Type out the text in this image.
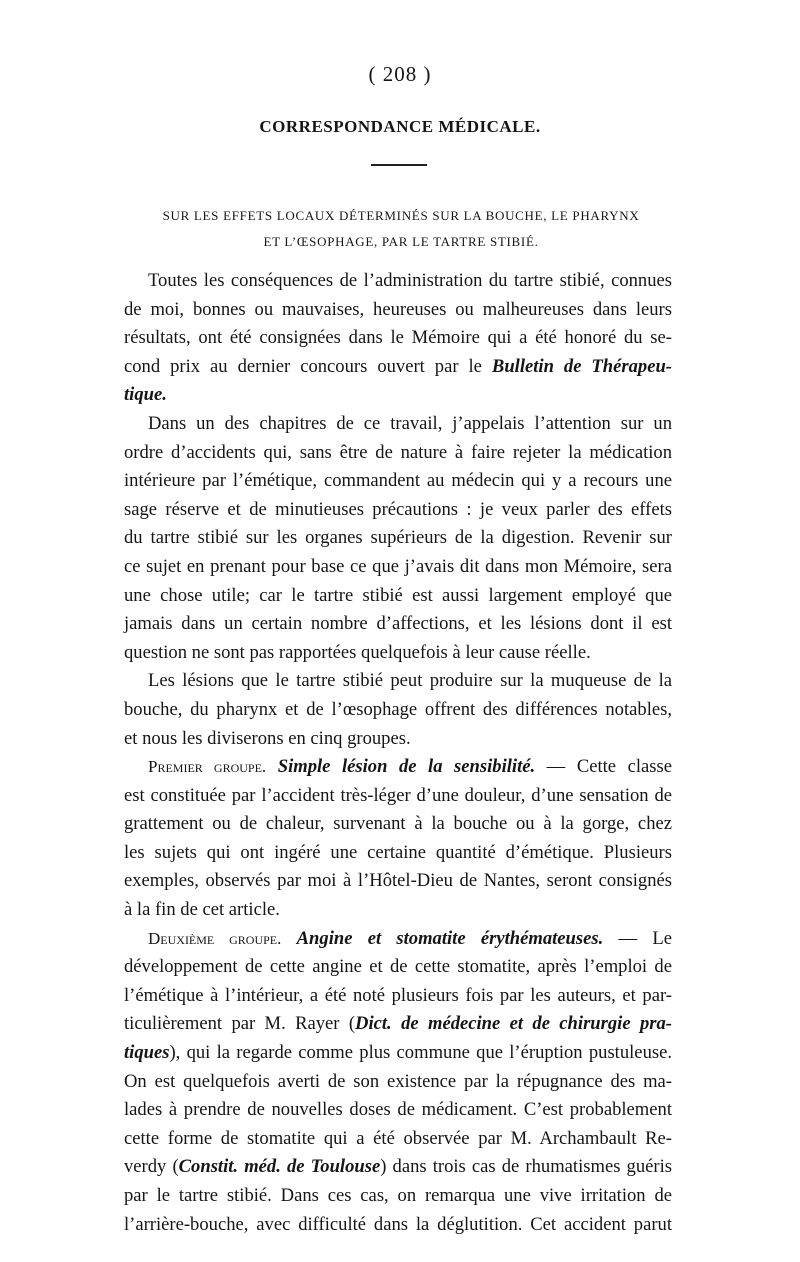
( 208 )
CORRESPONDANCE MÉDICALE.
SUR LES EFFETS LOCAUX DÉTERMINÉS SUR LA BOUCHE, LE PHARYNX
ET L’ŒSOPHAGE, PAR LE TARTRE STIBIÉ.
Toutes les conséquences de l’administration du tartre stibié, connues
de moi, bonnes ou mauvaises, heureuses ou malheureuses dans leurs
résultats, ont été consignées dans le Mémoire qui a été honoré du se-
cond prix au dernier concours ouvert par le Bulletin de Thérapeu-
tique.
Dans un des chapitres de ce travail, j’appelais l’attention sur un
ordre d’accidents qui, sans être de nature à faire rejeter la médication
intérieure par l’émétique, commandent au médecin qui y a recours une
sage réserve et de minutieuses précautions : je veux parler des effets
du tartre stibié sur les organes supérieurs de la digestion. Revenir sur
ce sujet en prenant pour base ce que j’avais dit dans mon Mémoire, sera
une chose utile; car le tartre stibié est aussi largement employé que
jamais dans un certain nombre d’affections, et les lésions dont il est
question ne sont pas rapportées quelquefois à leur cause réelle.
Les lésions que le tartre stibié peut produire sur la muqueuse de la
bouche, du pharynx et de l’œsophage offrent des différences notables,
et nous les diviserons en cinq groupes.
Premier groupe. Simple lésion de la sensibilité. — Cette classe
est constituée par l’accident très-léger d’une douleur, d’une sensation de
grattement ou de chaleur, survenant à la bouche ou à la gorge, chez
les sujets qui ont ingéré une certaine quantité d’émétique. Plusieurs
exemples, observés par moi à l’Hôtel-Dieu de Nantes, seront consignés
à la fin de cet article.
Deuxième groupe. Angine et stomatite érythémateuses. — Le
développement de cette angine et de cette stomatite, après l’emploi de
l’émétique à l’intérieur, a été noté plusieurs fois par les auteurs, et par-
ticulièrement par M. Rayer (Dict. de médecine et de chirurgie pra-
tiques), qui la regarde comme plus commune que l’éruption pustuleuse.
On est quelquefois averti de son existence par la répugnance des ma-
lades à prendre de nouvelles doses de médicament. C’est probablement
cette forme de stomatite qui a été observée par M. Archambault Re-
verdy (Constit. méd. de Toulouse) dans trois cas de rhumatismes guéris
par le tartre stibié. Dans ces cas, on remarqua une vive irritation de
l’arrière-bouche, avec difficulté dans la déglutition. Cet accident parut
